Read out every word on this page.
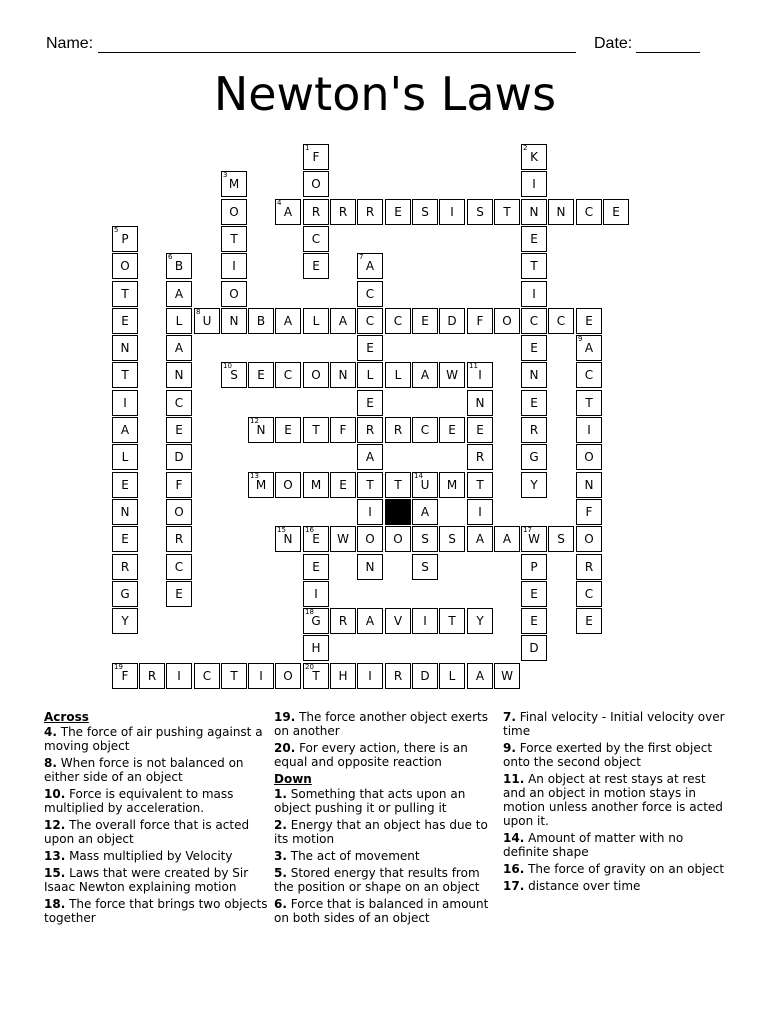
Name:	Date:
Newton's Laws
1
F
O
R
C
E
2
K
I
N
E
T
I
C
E
N
E
R
G
Y
3
M
O
T
I
O
N
4
A	R	R	E	S	I	S	T	N	C	E
5
P
O
T
E
N
T
I
A
L
E
N
E
R
G
Y
6
B
A
L
A
N
C
E
D
F
O
R
C
E
7
A
C
C
E
L
E
R
A
T
I
O
N
8
U	B	A	L	A	C	E	D	F	O	C	E
9
A
C
T
I
O
N
F
O
R
C
E
10
S	E	C	O	N	L	A	W
11
I
N
E
R
T
I
A
12
N	E	T	F	R	C	E
13
M	O	M	E	T
14
U	M
A
S
S
15
N
16
E	W	O	S	A
17
W	S
E
I
18
G
H
20
T
P
E
E
D
R	A	V	I	T	Y
19
F	R	I	C	T	I	O	H	I	R	D	L	A	W
Across
4. The force of air pushing against a moving object
8. When force is not balanced on either side of an object
10. Force is equivalent to mass multiplied by acceleration.
12. The overall force that is acted upon an object
13. Mass multiplied by Velocity
15. Laws that were created by Sir Isaac Newton explaining motion
18. The force that brings two objects together
19. The force another object exerts on another
20. For every action, there is an equal and opposite reaction
Down
1. Something that acts upon an object pushing it or pulling it
2. Energy that an object has due to its motion
3. The act of movement
5. Stored energy that results from the position or shape on an object
6. Force that is balanced in amount on both sides of an object
7. Final velocity - Initial velocity over time
9. Force exerted by the first object onto the second object
11. An object at rest stays at rest and an object in motion stays in motion unless another force is acted upon it.
14. Amount of matter with no definite shape
16. The force of gravity on an object
17. distance over time
